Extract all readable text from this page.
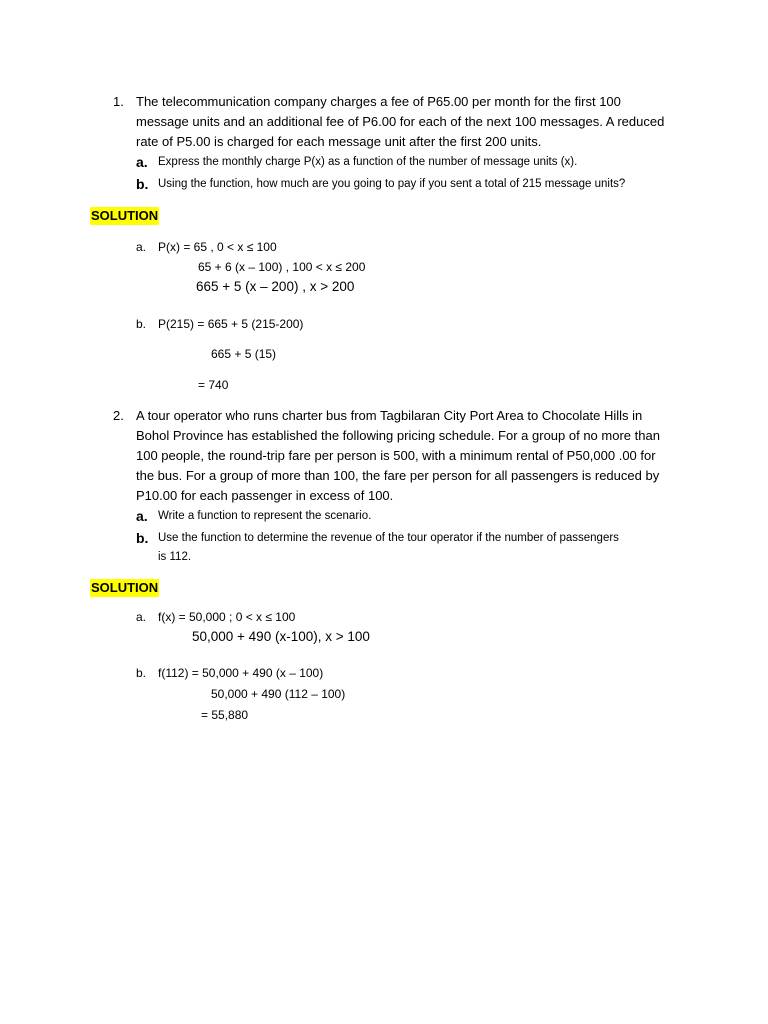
1. The telecommunication company charges a fee of P65.00 per month for the first 100
message units and an additional fee of P6.00 for each of the next 100 messages. A reduced
rate of P5.00 is charged for each message unit after the first 200 units.
a. Express the monthly charge P(x) as a function of the number of message units (x).
b. Using the function, how much are you going to pay if you sent a total of 215 message units?
SOLUTION
a. P(x) = 65 , 0 < x ≤ 100
65 + 6 (x – 100) , 100 < x ≤ 200
665 + 5 (x – 200) , x > 200
b. P(215) = 665 + 5 (215-200)
665 + 5 (15)
= 740
2. A tour operator who runs charter bus from Tagbilaran City Port Area to Chocolate Hills in
Bohol Province has established the following pricing schedule. For a group of no more than
100 people, the round-trip fare per person is 500, with a minimum rental of P50,000 .00 for
the bus. For a group of more than 100, the fare per person for all passengers is reduced by
P10.00 for each passenger in excess of 100.
a. Write a function to represent the scenario.
b. Use the function to determine the revenue of the tour operator if the number of passengers
is 112.
SOLUTION
a. f(x) = 50,000 ; 0 < x ≤ 100
50,000 + 490 (x-100), x > 100
b. f(112) = 50,000 + 490 (x – 100)
50,000 + 490 (112 – 100)
= 55,880
